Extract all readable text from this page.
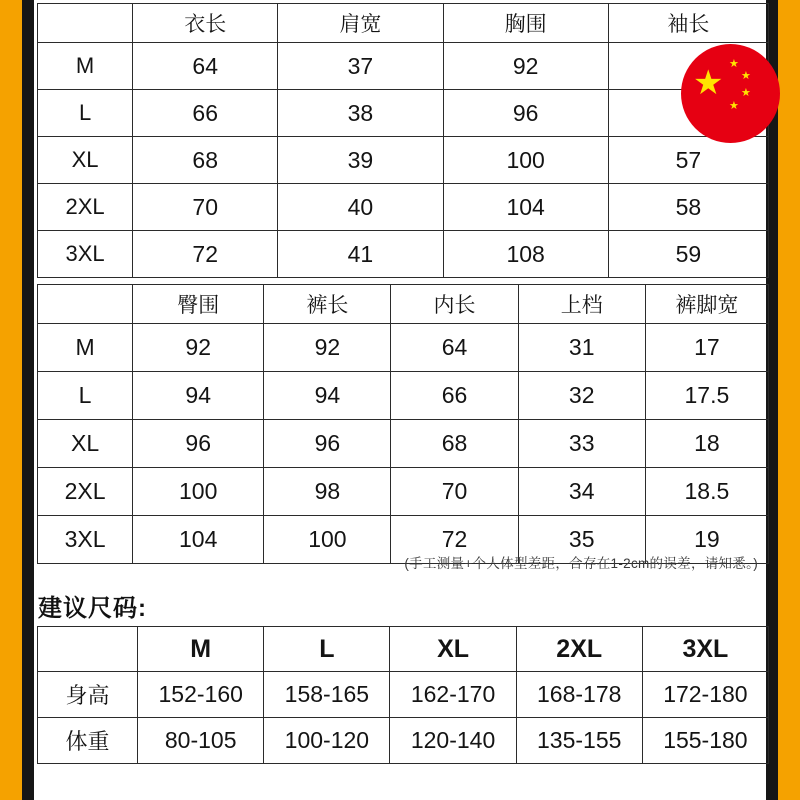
	衣长	肩宽	胸围	袖长
M	64	37	92	
L	66	38	96	
XL	68	39	100	57
2XL	70	40	104	58
3XL	72	41	108	59
	臀围	裤长	内长	上档	裤脚宽
M	92	92	64	31	17
L	94	94	66	32	17.5
XL	96	96	68	33	18
2XL	100	98	70	34	18.5
3XL	104	100	72	35	19
(手工测量+个人体型差距，合存在1-2cm的误差，请知悉。)
建议尺码:
	M	L	XL	2XL	3XL
身高	152-160	158-165	162-170	168-178	172-180
体重	80-105	100-120	120-140	135-155	155-180
★ ★
★
★
★
